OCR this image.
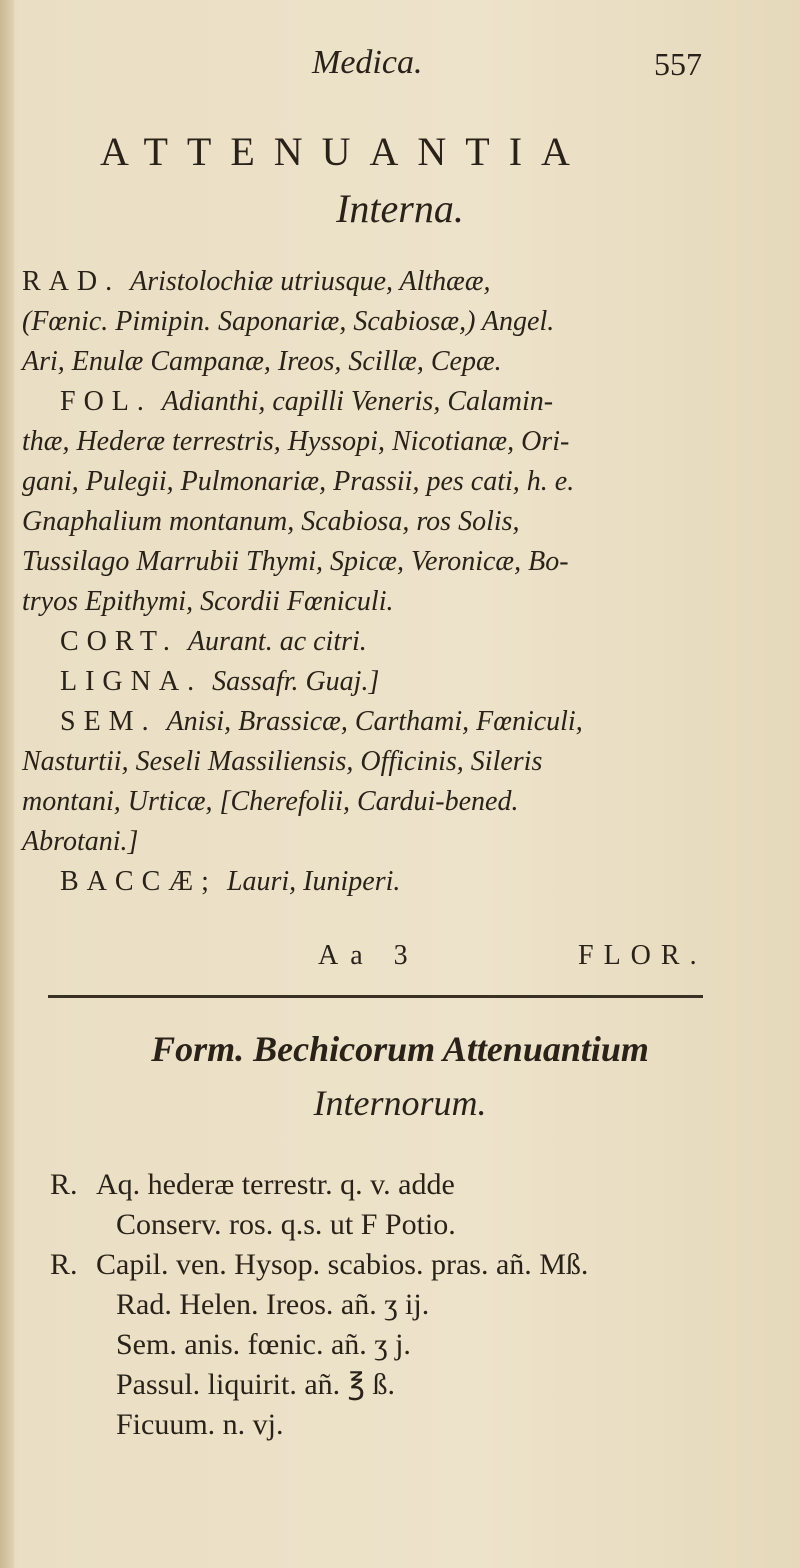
Medica.	557
ATTENUANTIA
Interna.
RAD. Aristolochiæ utriusque, Althææ,
(Fœnic. Pimipin. Saponariæ, Scabiosæ,) Angel.
Ari, Enulæ Campanæ, Ireos, Scillæ, Cepæ.
FOL. Adianthi, capilli Veneris, Calamin-
thæ, Hederæ terrestris, Hyssopi, Nicotianæ, Ori-
gani, Pulegii, Pulmonariæ, Prassii, pes cati, h. e.
Gnaphalium montanum, Scabiosa, ros Solis,
Tussilago Marrubii Thymi, Spicæ, Veronicæ, Bo-
tryos Epithymi, Scordii Fœniculi.
CORT. Aurant. ac citri.
LIGNA. Sassafr. Guaj.]
SEM. Anisi, Brassicæ, Carthami, Fœniculi,
Nasturtii, Seseli Massiliensis, Officinis, Sileris
montani, Urticæ, [Cherefolii, Cardui-bened.
Abrotani.]
BACCÆ; Lauri, Iuniperi.
Aa 3	FLOR.
Form. Bechicorum Attenuantium
Internorum.
R. Aq. hederæ terrestr. q. v. adde
Conserv. ros. q.s. ut F Potio.
R. Capil. ven. Hysop. scabios. pras. añ. Mß.
Rad. Helen. Ireos. añ. ʒ ij.
Sem. anis. fœnic. añ. ʒ j.
Passul. liquirit. añ. ℥ ß.
Ficuum. n. vj.
